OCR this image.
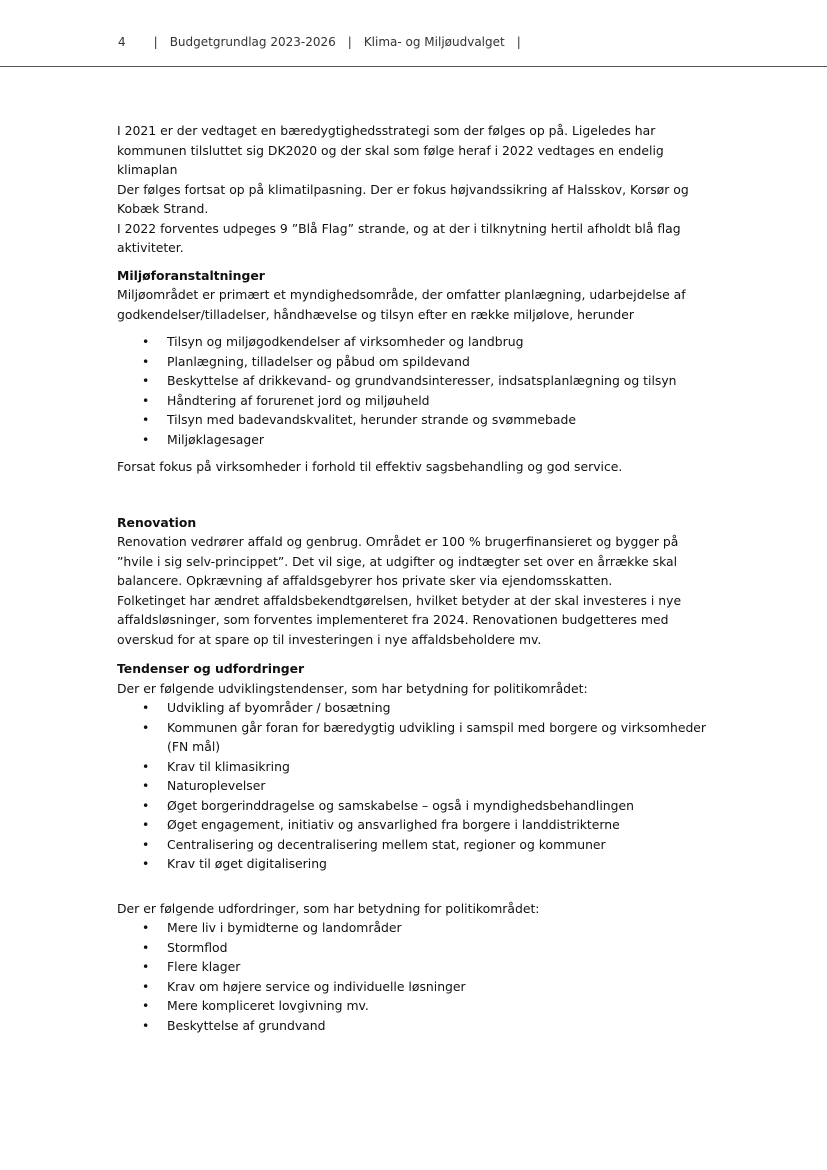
4 | Budgetgrundlag 2023-2026 | Klima- og Miljøudvalget |

I 2021 er der vedtaget en bæredygtighedsstrategi som der følges op på. Ligeledes har kommunen tilsluttet sig DK2020 og der skal som følge heraf i 2022 vedtages en endelig klimaplan

Der følges fortsat op på klimatilpasning. Der er fokus højvandssikring af Halsskov, Korsør og Kobæk Strand.

I 2022 forventes udpeges 9 ”Blå Flag” strande, og at der i tilknytning hertil afholdt blå flag aktiviteter.

Miljøforanstaltninger

Miljøområdet er primært et myndighedsområde, der omfatter planlægning, udarbejdelse af godkendelser/tilladelser, håndhævelse og tilsyn efter en række miljølove, herunder

• Tilsyn og miljøgodkendelser af virksomheder og landbrug
• Planlægning, tilladelser og påbud om spildevand
• Beskyttelse af drikkevand- og grundvandsinteresser, indsatsplanlægning og tilsyn
• Håndtering af forurenet jord og miljøuheld
• Tilsyn med badevandskvalitet, herunder strande og svømmebade
• Miljøklagesager

Forsat fokus på virksomheder i forhold til effektiv sagsbehandling og god service.

Renovation

Renovation vedrører affald og genbrug. Området er 100 % brugerfinansieret og bygger på ”hvile i sig selv-princippet”. Det vil sige, at udgifter og indtægter set over en årrække skal balancere. Opkrævning af affaldsgebyrer hos private sker via ejendomsskatten.

Folketinget har ændret affaldsbekendtgørelsen, hvilket betyder at der skal investeres i nye affaldsløsninger, som forventes implementeret fra 2024. Renovationen budgetteres med overskud for at spare op til investeringen i nye affaldsbeholdere mv.

Tendenser og udfordringer

Der er følgende udviklingstendenser, som har betydning for politikområdet:

• Udvikling af byområder / bosætning
• Kommunen går foran for bæredygtig udvikling i samspil med borgere og virksomheder (FN mål)
• Krav til klimasikring
• Naturoplevelser
• Øget borgerinddragelse og samskabelse – også i myndighedsbehandlingen
• Øget engagement, initiativ og ansvarlighed fra borgere i landdistrikterne
• Centralisering og decentralisering mellem stat, regioner og kommuner
• Krav til øget digitalisering

Der er følgende udfordringer, som har betydning for politikområdet:

• Mere liv i bymidterne og landområder
• Stormflod
• Flere klager
• Krav om højere service og individuelle løsninger
• Mere kompliceret lovgivning mv.
• Beskyttelse af grundvand
